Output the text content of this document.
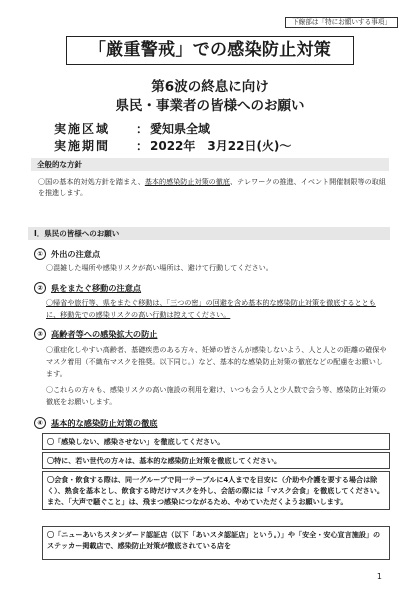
下線部は「特にお願いする事項」
「厳重警戒」での感染防止対策
第6波の終息に向け
県民・事業者の皆様へのお願い
実施区域 ： 愛知県全域
実施期間 ： 2022年　3月22日(火)～
全般的な方針
〇国の基本的対処方針を踏まえ、基本的感染防止対策の徹底、テレワークの推進、イベント開催制限等の取組を推進します。
Ⅰ．県民の皆様へのお願い
① 外出の注意点
〇混雑した場所や感染リスクが高い場所は、避けて行動してください。
② 県をまたぐ移動の注意点
〇帰省や旅行等、県をまたぐ移動は、「三つの密」の回避を含め基本的な感染防止対策を徹底するとともに、移動先での感染リスクの高い行動は控えてください。
③ 高齢者等への感染拡大の防止
〇重症化しやすい高齢者、基礎疾患のある方々、妊婦の皆さんが感染しないよう、人と人との距離の確保やマスク着用（不織布マスクを推奨。以下同じ。）など、基本的な感染防止対策の徹底などの配慮をお願いします。
〇これらの方々も、感染リスクの高い施設の利用を避け、いつも会う人と少人数で会う等、感染防止対策の徹底をお願いします。
④ 基本的な感染防止対策の徹底
〇「感染しない、感染させない」を徹底してください。
〇特に、若い世代の方々は、基本的な感染防止対策を徹底してください。
〇会食・飲食する際は、同一グループで同一テーブルに4人までを目安に（介助や介護を要する場合は除く）、熟食を基本とし、飲食する時だけマスクを外し、会話の際には「マスク会食」を徹底してください。また、「大声で騒ぐこと」は、飛まつ感染につながるため、やめていただくようお願いします。
〇「ニューあいちスタンダード認証店（以下「あいスタ認証店」という。）」や「安全・安心宣言施設」のステッカー掲載店で、感染防止対策が徹底されている店を
1
